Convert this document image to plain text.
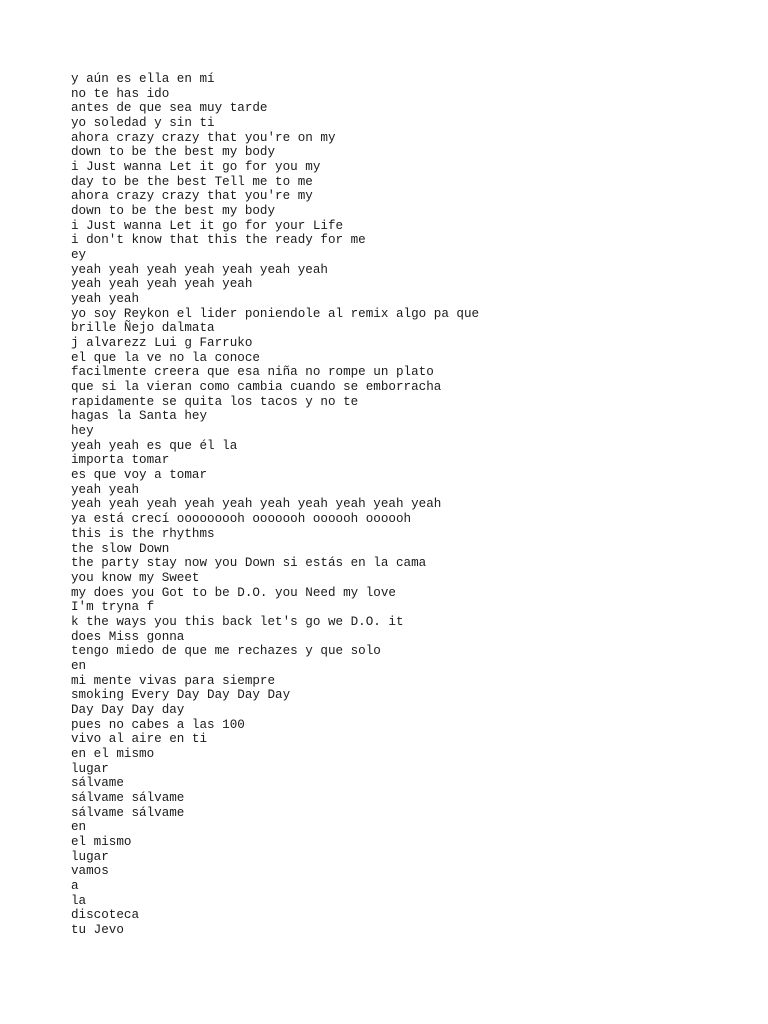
y aún es ella en mí
no te has ido
antes de que sea muy tarde
yo soledad y sin ti
ahora crazy crazy that you're on my
down to be the best my body
i Just wanna Let it go for you my
day to be the best Tell me to me
ahora crazy crazy that you're my
down to be the best my body
i Just wanna Let it go for your Life
i don't know that this the ready for me
ey
yeah yeah yeah yeah yeah yeah yeah
yeah yeah yeah yeah yeah
yeah yeah
yo soy Reykon el lider poniendole al remix algo pa que
brille Ñejo dalmata
j alvarezz Lui g Farruko
el que la ve no la conoce
facilmente creera que esa niña no rompe un plato
que si la vieran como cambia cuando se emborracha
rapidamente se quita los tacos y no te
hagas la Santa hey
hey
yeah yeah es que él la
importa tomar
es que voy a tomar
yeah yeah
yeah yeah yeah yeah yeah yeah yeah yeah yeah yeah
ya está crecí ooooooooh ooooooh oooooh oooooh
this is the rhythms
the slow Down
the party stay now you Down si estás en la cama
you know my Sweet
my does you Got to be D.O. you Need my love
I'm tryna f
k the ways you this back let's go we D.O. it
does Miss gonna
tengo miedo de que me rechazes y que solo
en
mi mente vivas para siempre
smoking Every Day Day Day Day
Day Day Day day
pues no cabes a las 100
vivo al aire en ti
en el mismo
lugar
sálvame
sálvame sálvame
sálvame sálvame
en
el mismo
lugar
vamos
a
la
discoteca
tu Jevo
